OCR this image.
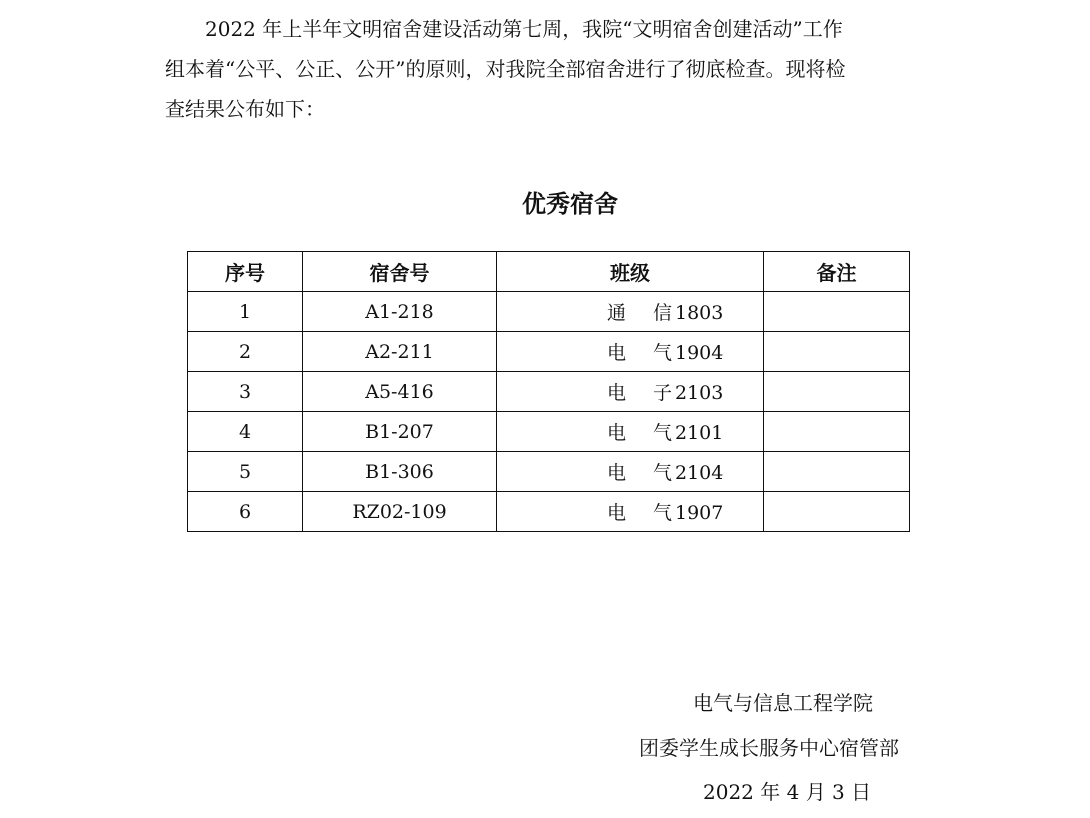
2022 年上半年文明宿舍建设活动第七周，我院“文明宿舍创建活动”工作
组本着“公平、公正、公开”的原则，对我院全部宿舍进行了彻底检查。现将检
查结果公布如下：
优秀宿舍
序号	宿舍号	班级	备注
1	A1-218	通 信 1803	
2	A2-211	电 气 1904	
3	A5-416	电 子 2103	
4	B1-207	电 气 2101	
5	B1-306	电 气 2104	
6	RZ02-109	电 气 1907	
电气与信息工程学院
团委学生成长服务中心宿管部
2022 年 4 月 3 日
